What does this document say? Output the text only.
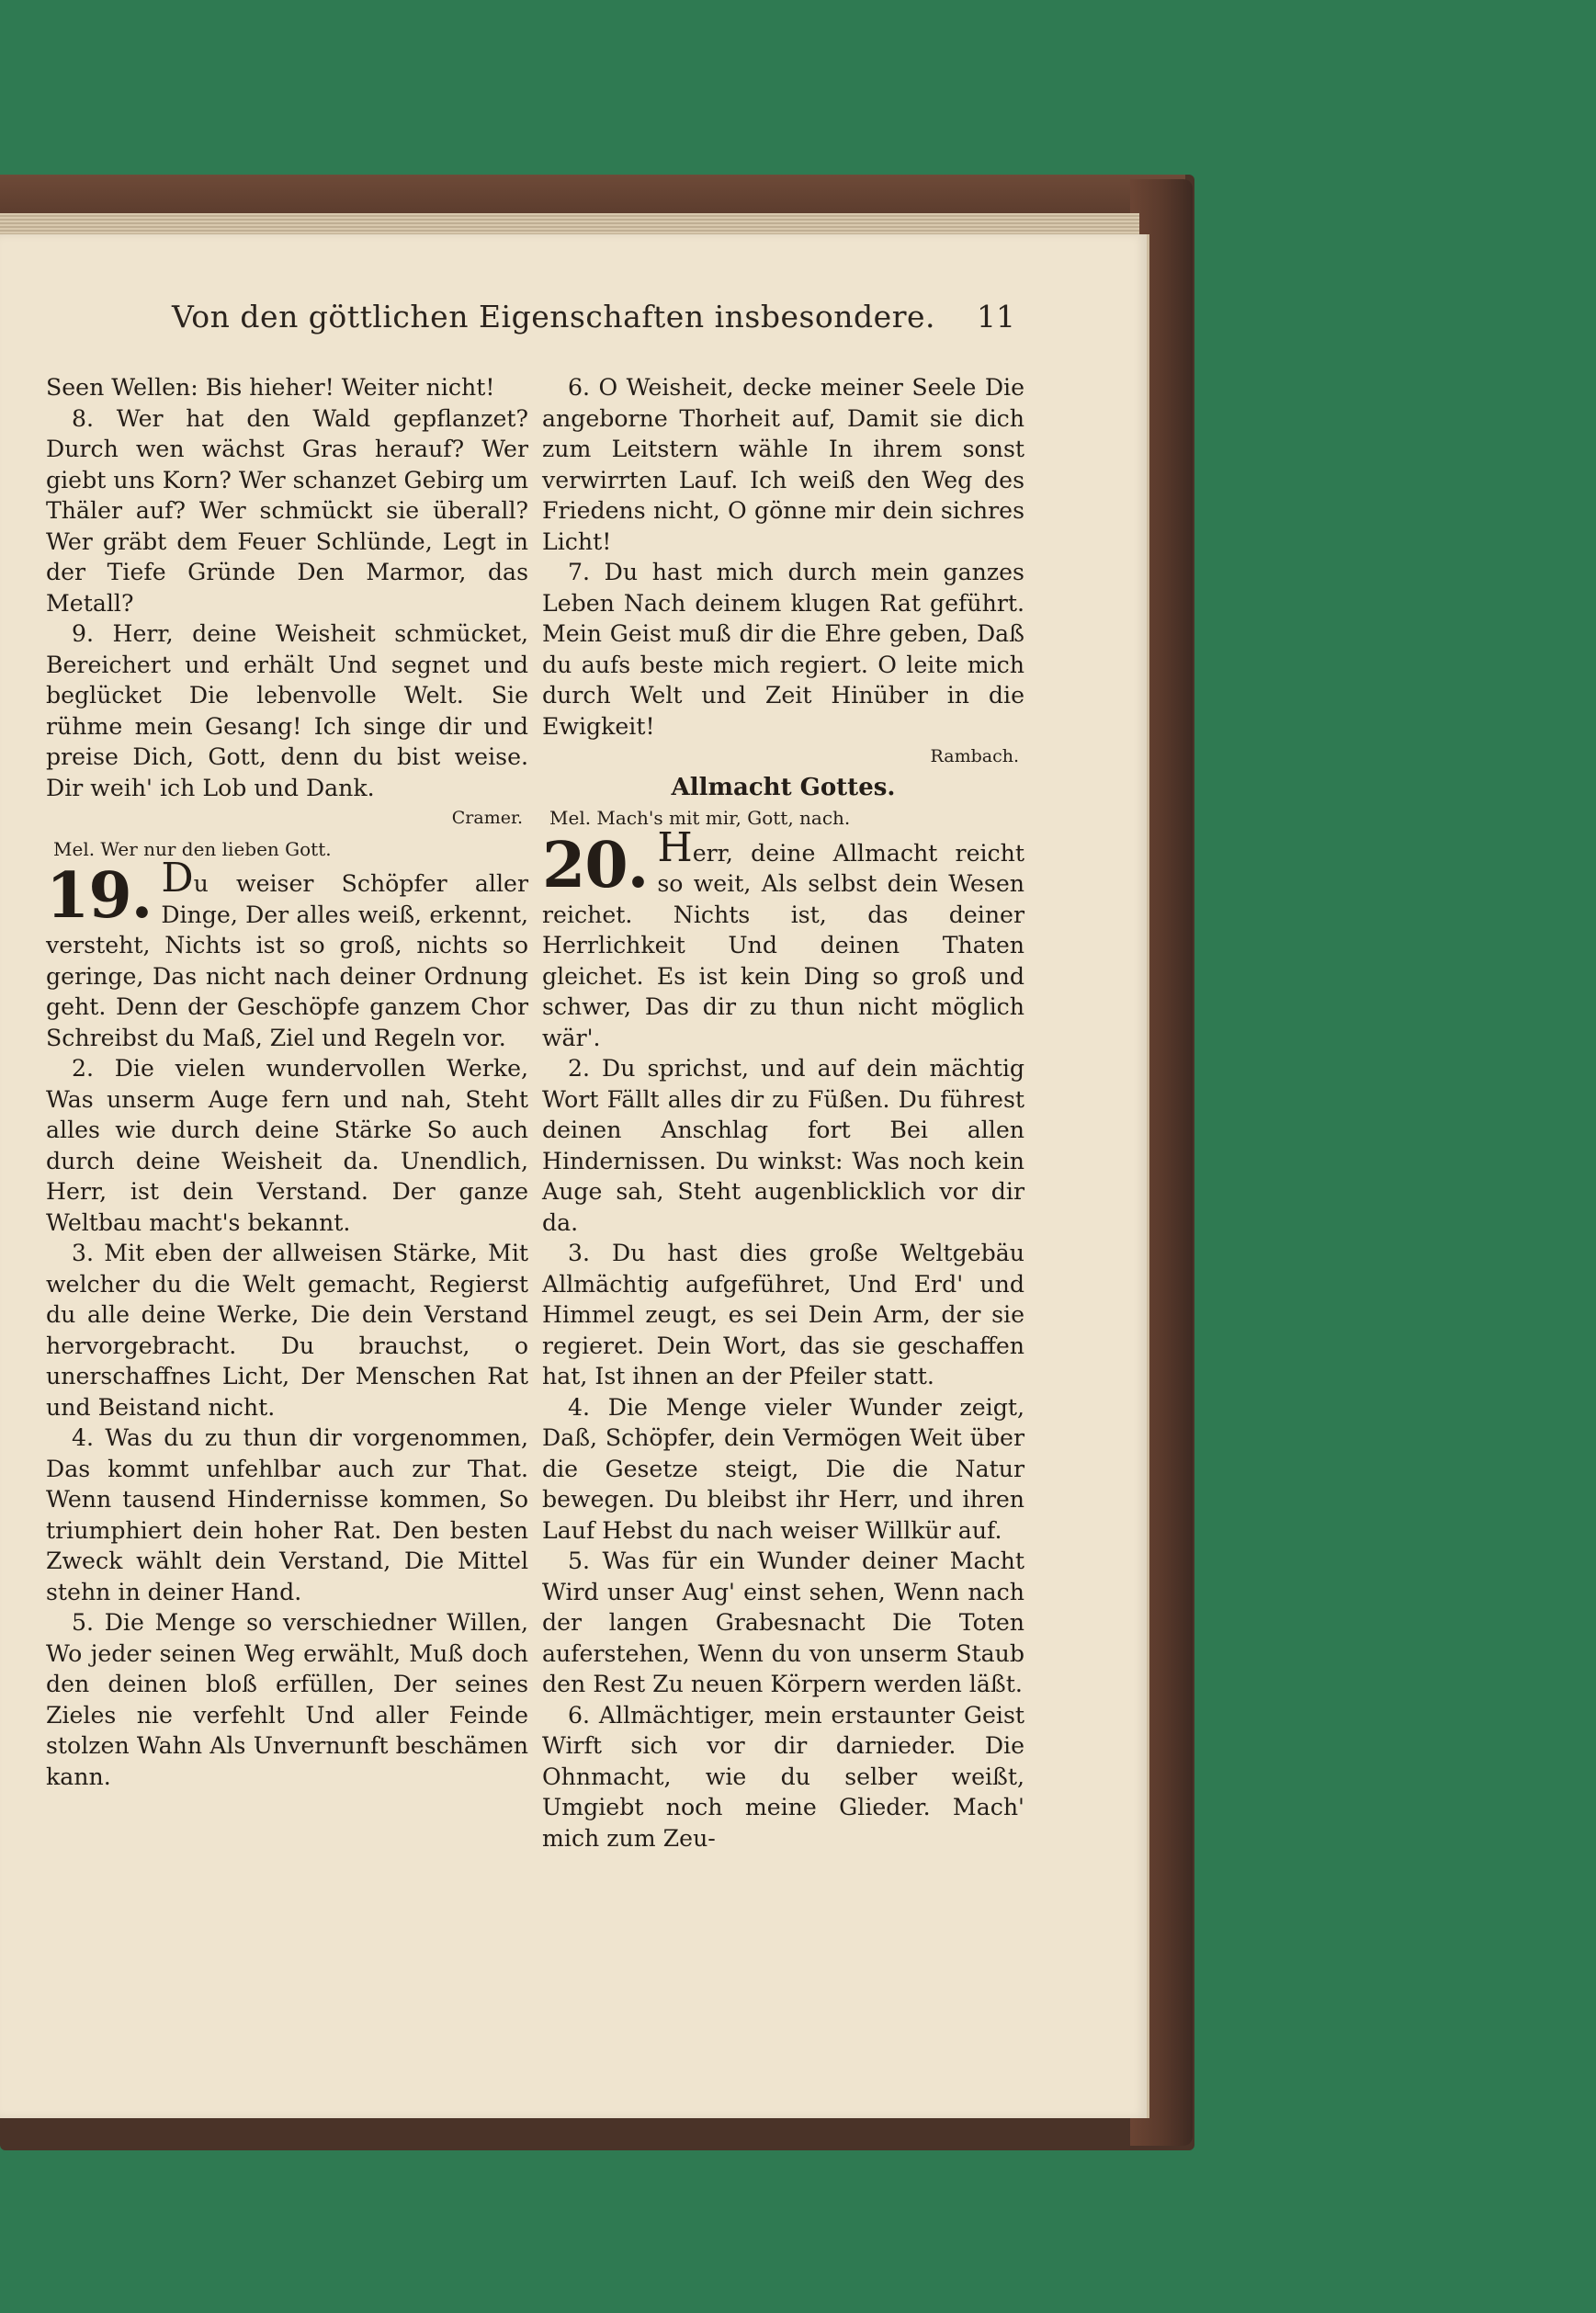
Von den göttlichen Eigenschaften insbesondere. 11

Seen Wellen: Bis hieher! Weiter nicht!

8. Wer hat den Wald gepflanzet? Durch wen wächst Gras herauf? Wer giebt uns Korn? Wer schanzet Gebirg um Thäler auf? Wer schmückt sie überall? Wer gräbt dem Feuer Schlünde, Legt in der Tiefe Gründe Den Marmor, das Metall?

9. Herr, deine Weisheit schmücket, Bereichert und erhält Und segnet und beglücket Die lebenvolle Welt. Sie rühme mein Gesang! Ich singe dir und preise Dich, Gott, denn du bist weise. Dir weih' ich Lob und Dank.

Cramer.

Mel. Wer nur den lieben Gott.

19. Du weiser Schöpfer aller Dinge, Der alles weiß, erkennt, versteht, Nichts ist so groß, nichts so geringe, Das nicht nach deiner Ordnung geht. Denn der Geschöpfe ganzem Chor Schreibst du Maß, Ziel und Regeln vor.

2. Die vielen wundervollen Werke, Was unserm Auge fern und nah, Steht alles wie durch deine Stärke So auch durch deine Weisheit da. Unendlich, Herr, ist dein Verstand. Der ganze Weltbau macht's bekannt.

3. Mit eben der allweisen Stärke, Mit welcher du die Welt gemacht, Regierst du alle deine Werke, Die dein Verstand hervorgebracht. Du brauchst, o unerschaffnes Licht, Der Menschen Rat und Beistand nicht.

4. Was du zu thun dir vorgenommen, Das kommt unfehlbar auch zur That. Wenn tausend Hindernisse kommen, So triumphiert dein hoher Rat. Den besten Zweck wählt dein Verstand, Die Mittel stehn in deiner Hand.

5. Die Menge so verschiedner Willen, Wo jeder seinen Weg erwählt, Muß doch den deinen bloß erfüllen, Der seines Zieles nie verfehlt Und aller Feinde stolzen Wahn Als Unvernunft beschämen kann.

6. O Weisheit, decke meiner Seele Die angeborne Thorheit auf, Damit sie dich zum Leitstern wähle In ihrem sonst verwirrten Lauf. Ich weiß den Weg des Friedens nicht, O gönne mir dein sichres Licht!

7. Du hast mich durch mein ganzes Leben Nach deinem klugen Rat geführt. Mein Geist muß dir die Ehre geben, Daß du aufs beste mich regiert. O leite mich durch Welt und Zeit Hinüber in die Ewigkeit!

Rambach.

Allmacht Gottes.

Mel. Mach's mit mir, Gott, nach.

20. Herr, deine Allmacht reicht so weit, Als selbst dein Wesen reichet. Nichts ist, das deiner Herrlichkeit Und deinen Thaten gleichet. Es ist kein Ding so groß und schwer, Das dir zu thun nicht möglich wär'.

2. Du sprichst, und auf dein mächtig Wort Fällt alles dir zu Füßen. Du führest deinen Anschlag fort Bei allen Hindernissen. Du winkst: Was noch kein Auge sah, Steht augenblicklich vor dir da.

3. Du hast dies große Weltgebäu Allmächtig aufgeführet, Und Erd' und Himmel zeugt, es sei Dein Arm, der sie regieret. Dein Wort, das sie geschaffen hat, Ist ihnen an der Pfeiler statt.

4. Die Menge vieler Wunder zeigt, Daß, Schöpfer, dein Vermögen Weit über die Gesetze steigt, Die die Natur bewegen. Du bleibst ihr Herr, und ihren Lauf Hebst du nach weiser Willkür auf.

5. Was für ein Wunder deiner Macht Wird unser Aug' einst sehen, Wenn nach der langen Grabesnacht Die Toten auferstehen, Wenn du von unserm Staub den Rest Zu neuen Körpern werden läßt.

6. Allmächtiger, mein erstaunter Geist Wirft sich vor dir darnieder. Die Ohnmacht, wie du selber weißt, Umgiebt noch meine Glieder. Mach' mich zum Zeu-
